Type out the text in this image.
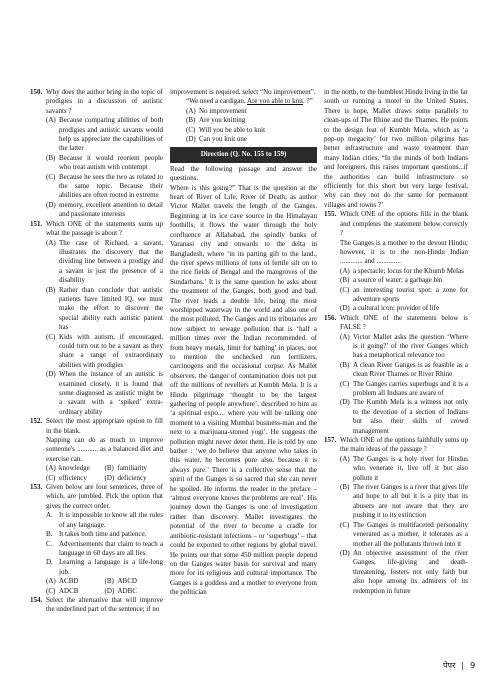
150. Why does the author bring in the topic of prodigies in a discussion of autistic savants ?

(A) Because comparing abilities of both prodigies and autistic savants would help us appreciate the capabilities of the latter
(B) Because it would reorient people who treat autism with contempt
(C) Because he sees the two as related to the same topic. Because their abilities are often rooted in extreme
(D) memory, excellent attention to detail and passionate interests
151. Which ONE of the statements sums up what the passage is about ?

(A) The case of Richard, a savant, illustrates the discovery that the dividing line between a prodigy and a savant is just the presence of a disability
(B) Rather than conclude that autistic patients have limited IQ, we must make the effort to discover the special ability each autistic patient has
(C) Kids with autism, if encouraged, could turn out to be a savant as they share a range of extraordinary abilities with prodigies
(D) When the instance of an autistic is examined closely, it is found that some diagnosed as autistic might be a savant with a ‘spiked’ extra-ordinary ability
152. Select the most appropriate option to fill in the blank.

Napping can do as much to improve someone's ............ as a balanced diet and exercise can.

(A) knowledge	(B) familiarity
(C) efficiency	(D) deficiency
153. Given below are four sentences, three of which, are jumbled. Pick the option that gives the correct order.

A. It is impossible to know all the rules of any language.
B. It takes both time and patience.
C. Advertisements that claim to teach a language in 60 days are all lies.
D. Learning a language is a life-long job.
(A) ACBD	(B) ABCD
(C) ADCB	(D) ADBC
154. Select the alternative that will improve the underlined part of the sentence; if no

improvement is required, select “No improvement”.

“We need a cardigan. Are you able to knit. ?”

(A) No improvement
(B) Are you knitting
(C) Will you be able to knit
(D) Can you knit one
Direction (Q. No. 155 to 159)

Read the following passage and answer the questions.

Where is this going?” That is the question at the heart of River of Life, River of Death, as author Victor Mallet travels the length of the Ganges. Beginning at its ice cave source in the Himalayan foothills, it flows the water through the holy confluence at Allahabad, the spindly banks of Varanasi city and onwards to the delta in Bangladesh, where ‘in its parting gift to the land., the river spews millions of tons of fertile silt on to the rice fields of Bengal and the mangroves of the Sundarbans.’ It is the same question he asks about the treatment of the Ganges, both good and bad. The river leads a double life, being the most worshipped waterway in the world and also one of the most polluted. The Ganges and its tributaries are now subject to sewage pollution that is ‘half a million times over the Indian recommended. of from heavy metals, limit for bathing’ in places, not to mention the unchecked run fertilizers, carcinogens and the occasional corpse. As Mallet observes, the danger of contamination does not put off the millions of revellers at Kumbh Mela. It is a Hindu pilgrimage ‘thought to be the largest gathering of people anywhere’, described to him as ‘a spiritual expo.... where you will be talking one moment to a visiting Mumbai business-man and the next to a marijuana-stoned yogi’. He suggests the pollution might never deter them. He is told by one bather : ‘we do believe that anyone who takes in this water, he becomes pure also, because it is always pure.’ There is a collective sense that the spirit of the Ganges is so sacred that she can never be spoiled. He informs the reader in the preface – ‘almost everyone knows the problems are real’. His journey down the Ganges is one of investigation rather than discovery. Mallet investigates the potential of the river to become a cradle for antibiotic-resistant infections – or ‘superbugs’ – that could be exported to other regions by global travel. He points out that some 450 million people depend on the Ganges water basin for survival and many more for its religious and cultural importance. The Ganges is a goddess and a mother to everyone from the politician

in the north, to the humblest Hindu living in the far south or running a motel in the United States. There is hope, Mallet draws some parallels to clean-ups of The Rhine and the Thames. He points to the design feat of Kumbh Mela. which as ‘a pop-up megacity’ for two million pilgrims has better infrastructure and waste treatment than many Indian cities, “In the minds of both Indians and foreigners, this raises important questions...if the authorities can build infrastructure so efficiently for this short but very large festival, why can they not do the same for permanent villages and towns ?’

155. Which ONE of the options fills in the blank and completes the statement below correctly ?

The Ganges is a mother to the devout Hindu; however, it is to the non-Hindu Indian ............. and ..............

(A) a spectacle; locus for the Khumb Melas
(B) a source of water; a garbage bin
(C) an interesting tourist spot: a zone for adventure sports
(D) a cultural icon; provider of life
156. Which ONE of the statements below is FALSE ?

(A) Victor Mallet asks the question ‘Where is it going?’ of the river Ganges which has a metaphorical relevance too
(B) A clean River Ganges is as feasible as a clean River Thames or River Rhine
(C) The Ganges carries superbugs and it is a problem all Indians are aware of
(D) The Kumbh Mela is a witness not only to the devotion of a section of Indians but also their skills of crowd management
157. Which ONE of the options faithfully sums up the main ideas of the passage ?

(A) The Ganges is a holy river for Hindus who venerate it, live off it but also pollute it
(B) The river Ganges is a river that gives life and hope to all but it is a pity that its abusers are not aware that they are pushing it to its extinction
(C) The Ganges is multifaceted personality venerated as a mother, it tolerates as a mother all the pollutants thrown into it
(D) An objective assessment of the river Ganges, life-giving and death-threatening, fosters not only faith but also hope among its admirers of its redemption in future
पेपर | 9
